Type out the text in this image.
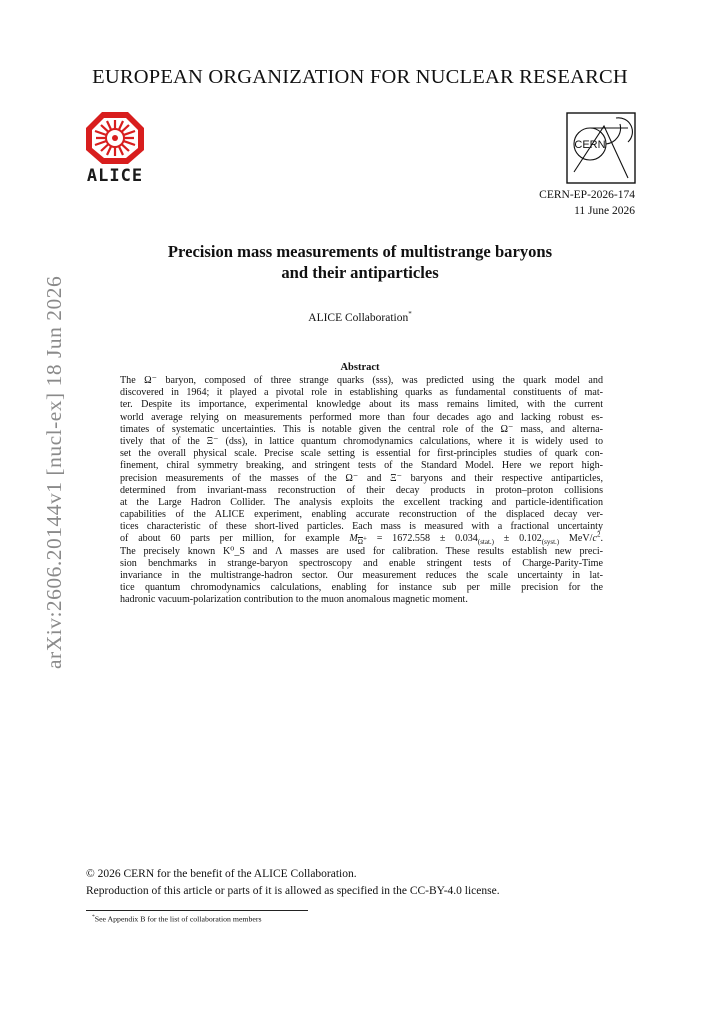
EUROPEAN ORGANIZATION FOR NUCLEAR RESEARCH
ALICE
CERN
CERN-EP-2026-174
11 June 2026
Precision mass measurements of multistrange baryons
and their antiparticles
ALICE Collaboration*
Abstract
The Ω⁻ baryon, composed of three strange quarks (sss), was predicted using the quark model and
discovered in 1964; it played a pivotal role in establishing quarks as fundamental constituents of mat-
ter. Despite its importance, experimental knowledge about its mass remains limited, with the current
world average relying on measurements performed more than four decades ago and lacking robust es-
timates of systematic uncertainties. This is notable given the central role of the Ω⁻ mass, and alterna-
tively that of the Ξ⁻ (dss), in lattice quantum chromodynamics calculations, where it is widely used to
set the overall physical scale. Precise scale setting is essential for first-principles studies of quark con-
finement, chiral symmetry breaking, and stringent tests of the Standard Model. Here we report high-
precision measurements of the masses of the Ω⁻ and Ξ⁻ baryons and their respective antiparticles,
determined from invariant-mass reconstruction of their decay products in proton–proton collisions
at the Large Hadron Collider. The analysis exploits the excellent tracking and particle-identification
capabilities of the ALICE experiment, enabling accurate reconstruction of the displaced decay ver-
tices characteristic of these short-lived particles. Each mass is measured with a fractional uncertainty
of about 60 parts per million, for example $M_{\overline{\Omega}^+} = 1672.558 \pm 0.034_{(stat.)} \pm 0.102_{(syst.)}$ MeV/$c^2$.
The precisely known K⁰_S and Λ masses are used for calibration. These results establish new preci-
sion benchmarks in strange-baryon spectroscopy and enable stringent tests of Charge-Parity-Time
invariance in the multistrange-hadron sector. Our measurement reduces the scale uncertainty in lat-
tice quantum chromodynamics calculations, enabling for instance sub per mille precision for the
hadronic vacuum-polarization contribution to the muon anomalous magnetic moment.
arXiv:2606.20144v1 [nucl-ex] 18 Jun 2026
© 2026 CERN for the benefit of the ALICE Collaboration.
Reproduction of this article or parts of it is allowed as specified in the CC-BY-4.0 license.
*See Appendix B for the list of collaboration members
